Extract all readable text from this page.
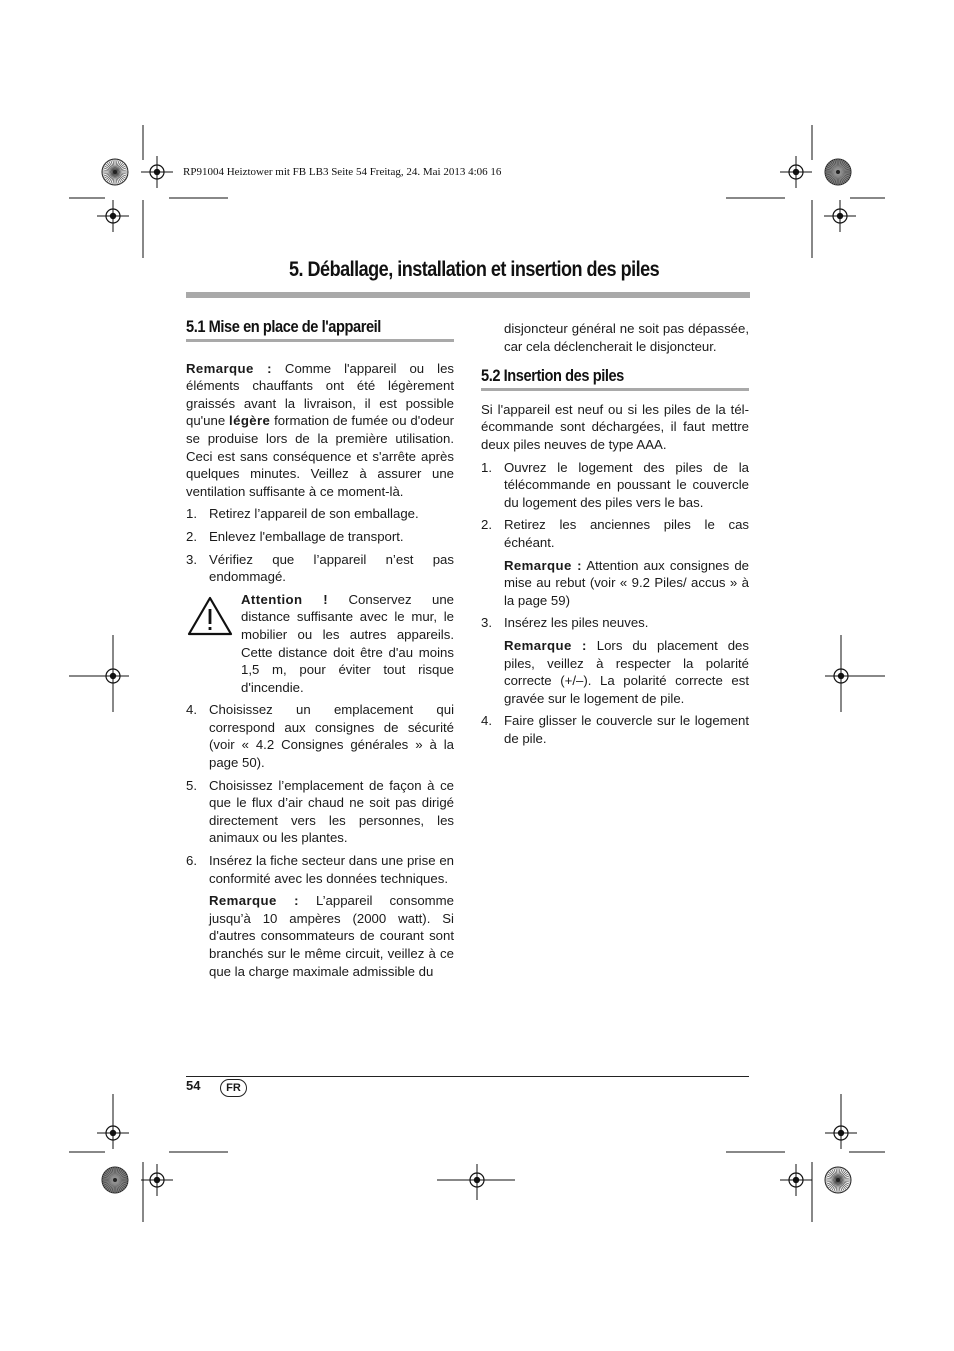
RP91004 Heiztower mit FB LB3 Seite 54 Freitag, 24. Mai 2013 4:06 16
5. Déballage, installation et insertion des piles
5.1 Mise en place de l'appareil

Remarque : Comme l'appareil ou les éléments chauffants ont été légèrement graissés avant la livraison, il est possible qu'une légère formation de fumée ou d'odeur se produise lors de la première utilisation. Ceci est sans conséquence et s'arrête après quelques minutes. Veillez à assurer une ventilation suffisante à ce moment-là.

1. Retirez l’appareil de son emballage.
2. Enlevez l'emballage de transport.
3. Vérifiez que l’appareil n’est pas endommagé.

Attention ! Conservez une distance suffisante avec le mur, le mobilier ou les autres appareils. Cette distance doit être d'au moins 1,5 m, pour éviter tout risque d'incendie.

4. Choisissez un emplacement qui correspond aux consignes de sécurité (voir « 4.2 Consignes générales » à la page 50).
5. Choisissez l’emplacement de façon à ce que le flux d’air chaud ne soit pas dirigé directement vers les personnes, les animaux ou les plantes.
6. Insérez la fiche secteur dans une prise en conformité avec les données techniques.

Remarque : L’appareil consomme jusqu’à 10 ampères (2000 watt). Si d'autres consommateurs de courant sont branchés sur le même circuit, veillez à ce que la charge maximale admissible du

disjoncteur général ne soit pas dépassée, car cela déclencherait le disjoncteur.

5.2 Insertion des piles

Si l'appareil est neuf ou si les piles de la tél-écommande sont déchargées, il faut mettre deux piles neuves de type AAA.

1. Ouvrez le logement des piles de la télécommande en poussant le couvercle du logement des piles vers le bas.
2. Retirez les anciennes piles le cas échéant.

Remarque : Attention aux consignes de mise au rebut (voir « 9.2 Piles/ accus » à la page 59)

3. Insérez les piles neuves.

Remarque : Lors du placement des piles, veillez à respecter la polarité correcte (+/–). La polarité correcte est gravée sur le logement de pile.

4. Faire glisser le couvercle sur le logement de pile.
54	FR
